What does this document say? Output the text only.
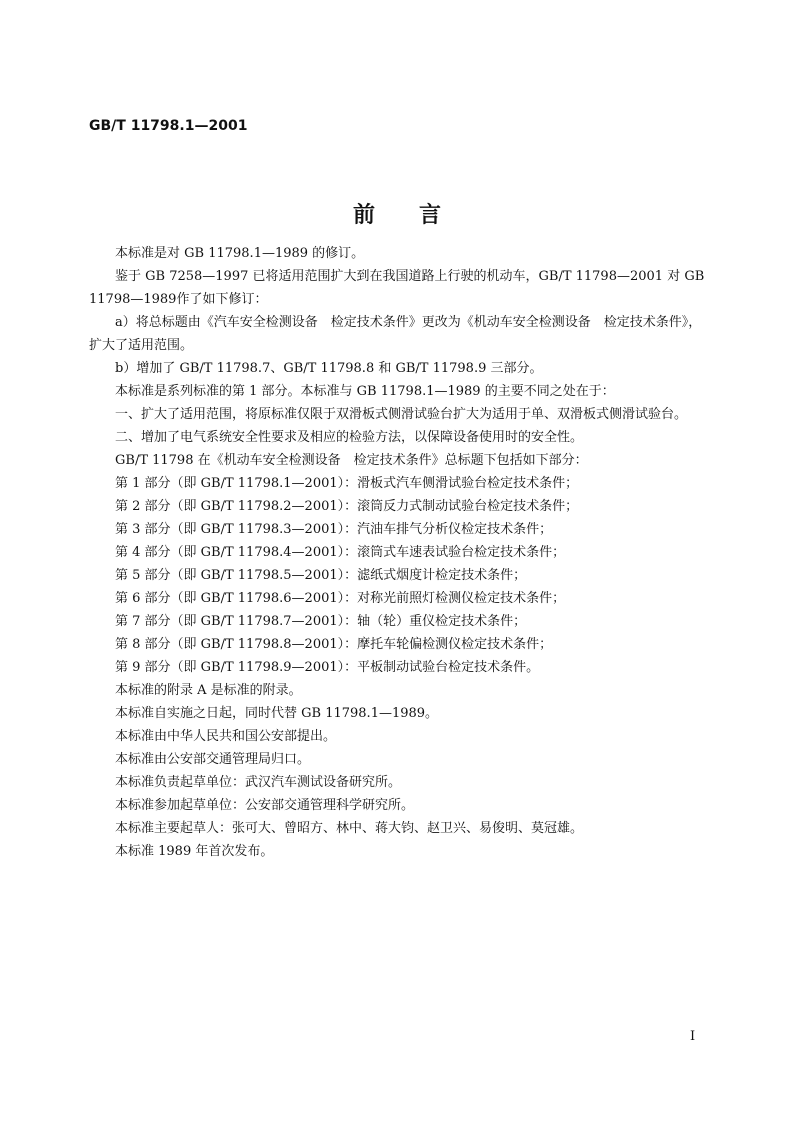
GB/T 11798.1—2001
前言

本标准是对 GB 11798.1—1989 的修订。

鉴于 GB 7258—1997 已将适用范围扩大到在我国道路上行驶的机动车，GB/T 11798—2001 对 GB 11798—1989作了如下修订：

a）将总标题由《汽车安全检测设备　检定技术条件》更改为《机动车安全检测设备　检定技术条件》，扩大了适用范围。

b）增加了 GB/T 11798.7、GB/T 11798.8 和 GB/T 11798.9 三部分。

本标准是系列标准的第 1 部分。本标准与 GB 11798.1—1989 的主要不同之处在于：

一、扩大了适用范围，将原标准仅限于双滑板式侧滑试验台扩大为适用于单、双滑板式侧滑试验台。

二、增加了电气系统安全性要求及相应的检验方法，以保障设备使用时的安全性。

GB/T 11798 在《机动车安全检测设备　检定技术条件》总标题下包括如下部分：

第 1 部分（即 GB/T 11798.1—2001）：滑板式汽车侧滑试验台检定技术条件；

第 2 部分（即 GB/T 11798.2—2001）：滚筒反力式制动试验台检定技术条件；

第 3 部分（即 GB/T 11798.3—2001）：汽油车排气分析仪检定技术条件；

第 4 部分（即 GB/T 11798.4—2001）：滚筒式车速表试验台检定技术条件；

第 5 部分（即 GB/T 11798.5—2001）：滤纸式烟度计检定技术条件；

第 6 部分（即 GB/T 11798.6—2001）：对称光前照灯检测仪检定技术条件；

第 7 部分（即 GB/T 11798.7—2001）：轴（轮）重仪检定技术条件；

第 8 部分（即 GB/T 11798.8—2001）：摩托车轮偏检测仪检定技术条件；

第 9 部分（即 GB/T 11798.9—2001）：平板制动试验台检定技术条件。

本标准的附录 A 是标准的附录。

本标准自实施之日起，同时代替 GB 11798.1—1989。

本标准由中华人民共和国公安部提出。

本标准由公安部交通管理局归口。

本标准负责起草单位：武汉汽车测试设备研究所。

本标准参加起草单位：公安部交通管理科学研究所。

本标准主要起草人：张可大、曾昭方、林中、蒋大钧、赵卫兴、易俊明、莫冠雄。

本标准 1989 年首次发布。

I
